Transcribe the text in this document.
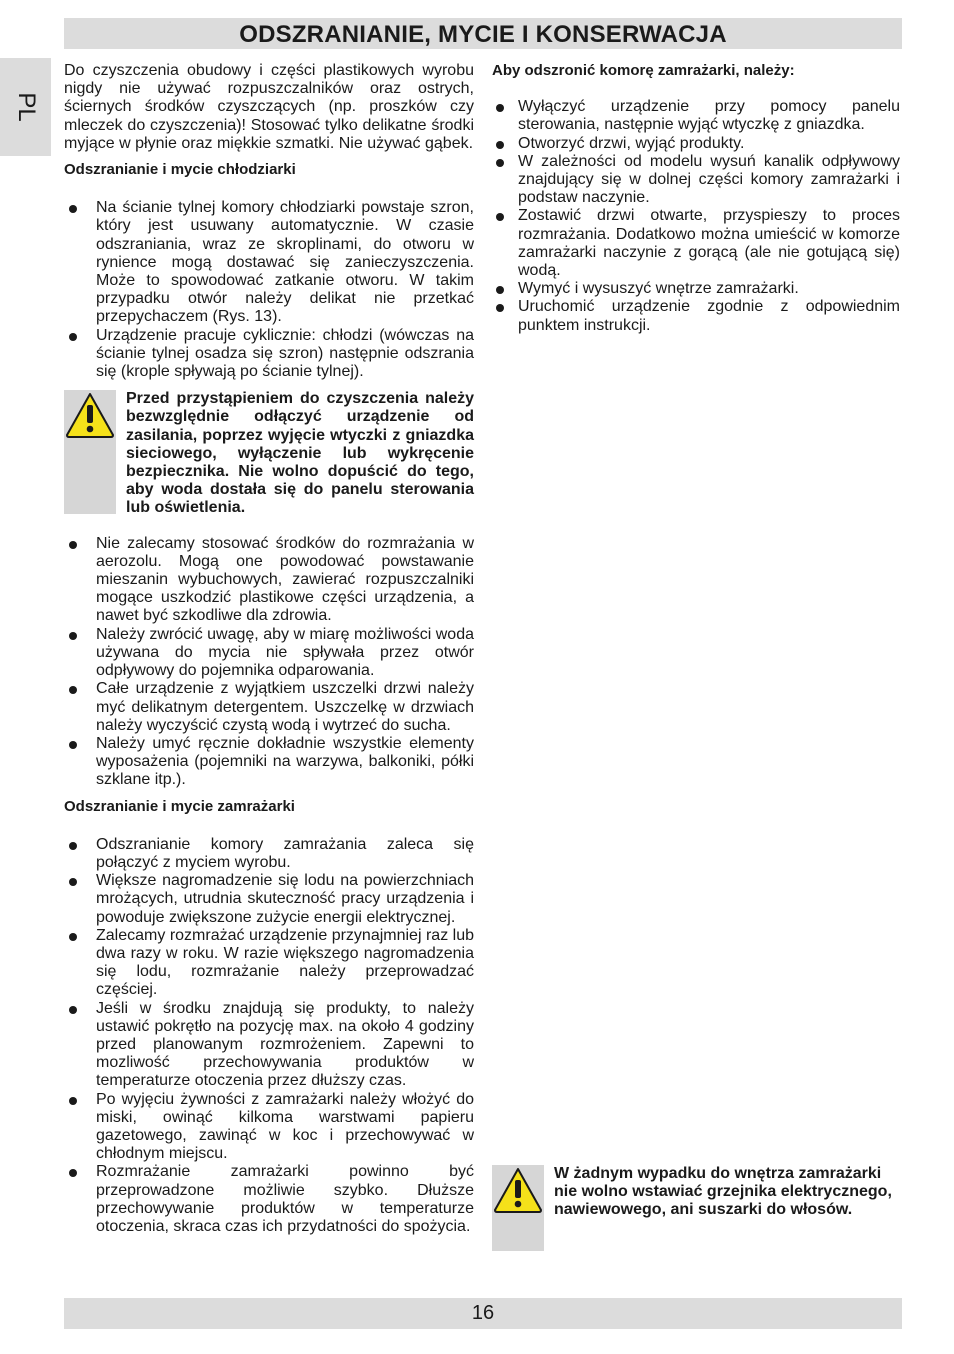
ODSZRANIANIE, MYCIE I KONSERWACJA
PL

Do czyszczenia obudowy i części plastikowych wyrobu nigdy nie używać rozpuszczalników oraz ostrych, ściernych środków czyszczących (np. proszków czy mleczek do czyszczenia)! Stosować tylko delikatne środki myjące w płynie oraz miękkie szmatki. Nie używać gąbek.

Odszranianie i mycie chłodziarki

Na ścianie tylnej komory chłodziarki powstaje szron, który jest usuwany automatycznie. W czasie odszraniania, wraz ze skroplinami, do otworu w rynience mogą dostawać się zanieczyszczenia. Może to spowodować zatkanie otworu. W takim przypadku otwór należy delikat nie przetkać przepychaczem (Rys. 13).
Urządzenie pracuje cyklicznie: chłodzi (wówczas na ścianie tylnej osadza się szron) następnie odszrania się (krople spływają po ścianie tylnej).

Przed przystąpieniem do czyszczenia należy bezwzględnie odłączyć urządzenie od zasilania, poprzez wyjęcie wtyczki z gniazdka sieciowego, wyłączenie lub wykręcenie bezpiecznika. Nie wolno dopuścić do tego, aby woda dostała się do panelu sterowania lub oświetlenia.

Nie zalecamy stosować środków do rozmrażania w aerozolu. Mogą one powodować powstawanie mieszanin wybuchowych, zawierać rozpuszczalniki mogące uszkodzić plastikowe części urządzenia, a nawet być szkodliwe dla zdrowia.
Należy zwrócić uwagę, aby w miarę możliwości woda używana do mycia nie spływała przez otwór odpływowy do pojemnika odparowania.
Całe urządzenie z wyjątkiem uszczelki drzwi należy myć delikatnym detergentem. Uszczelkę w drzwiach należy wyczyścić czystą wodą i wytrzeć do sucha.
Należy umyć ręcznie dokładnie wszystkie elementy wyposażenia (pojemniki na warzywa, balkoniki, półki szklane itp.).

Odszranianie i mycie zamrażarki

Odszranianie komory zamrażania zaleca się połączyć z myciem wyrobu.
Większe nagromadzenie się lodu na powierzchniach mrożących, utrudnia skuteczność pracy urządzenia i powoduje zwiększone zużycie energii elektrycznej.
Zalecamy rozmrażać urządzenie przynajmniej raz lub dwa razy w roku. W razie większego nagromadzenia się lodu, rozmrażanie należy przeprowadzać częściej.
Jeśli w środku znajdują się produkty, to należy ustawić pokrętło na pozycję max. na około 4 godziny przed planowanym rozmrożeniem. Zapewni to mozliwość przechowywania produktów w temperaturze otoczenia przez dłuższy czas.
Po wyjęciu żywności z zamrażarki należy włożyć do miski, owinąć kilkoma warstwami papieru gazetowego, zawinąć w koc i przechowywać w chłodnym miejscu.
Rozmrażanie zamrażarki powinno być przeprowadzone możliwie szybko. Dłuższe przechowywanie produktów w temperaturze otoczenia, skraca czas ich przydatności do spożycia.

Aby odszronić komorę zamrażarki, należy:

Wyłączyć urządzenie przy pomocy panelu sterowania, następnie wyjąć wtyczkę z gniazdka.
Otworzyć drzwi, wyjąć produkty.
W zależności od modelu wysuń kanalik odpływowy znajdujący się w dolnej części komory zamrażarki i podstaw naczynie.
Zostawić drzwi otwarte, przyspieszy to proces rozmrażania. Dodatkowo można umieścić w komorze zamrażarki naczynie z gorącą (ale nie gotującą się) wodą.
Wymyć i wysuszyć wnętrze zamrażarki.
Uruchomić urządzenie zgodnie z odpowiednim punktem instrukcji.

W żadnym wypadku do wnętrza zamrażarki nie wolno wstawiać grzejnika elektrycznego, nawiewowego, ani suszarki do włosów.

16
